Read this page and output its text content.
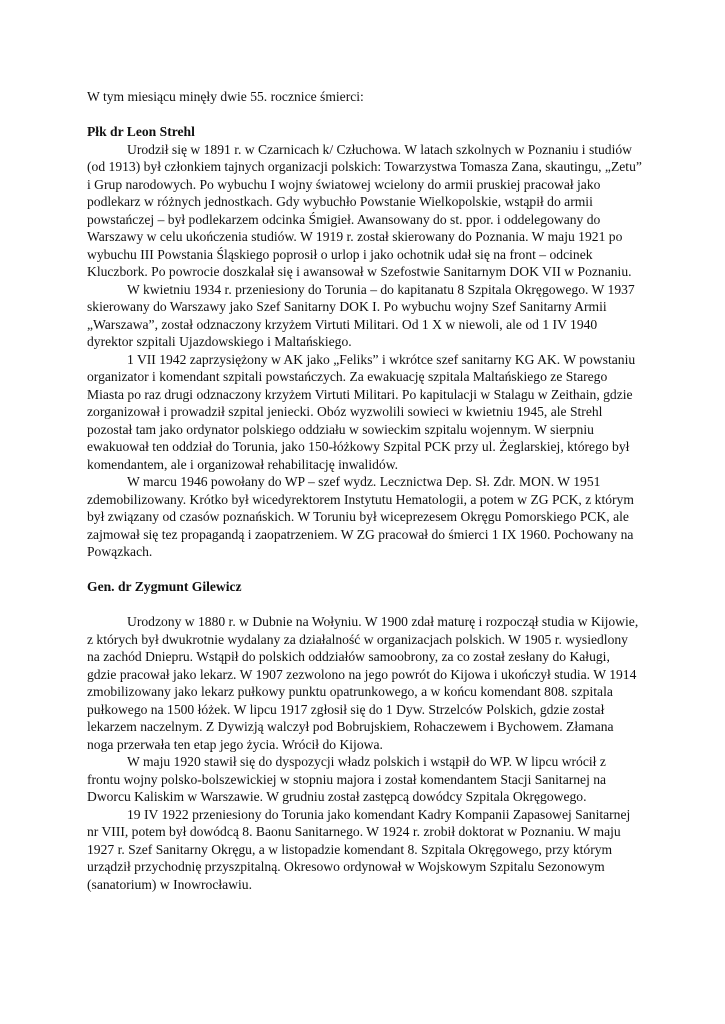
W tym miesiącu minęły dwie 55. rocznice śmierci:

Płk dr Leon Strehl

Urodził się w 1891 r. w Czarnicach k/ Człuchowa. W latach szkolnych w Poznaniu i studiów (od 1913) był członkiem tajnych organizacji polskich: Towarzystwa Tomasza Zana, skautingu, „Zetu” i Grup narodowych. Po wybuchu I wojny światowej wcielony do armii pruskiej pracował jako podlekarz w różnych jednostkach. Gdy wybuchło Powstanie Wielkopolskie, wstąpił do armii powstańczej – był podlekarzem odcinka Śmigieł. Awansowany do st. ppor. i oddelegowany do Warszawy w celu ukończenia studiów. W 1919 r. został skierowany do Poznania. W maju 1921 po wybuchu III Powstania Śląskiego poprosił o urlop i jako ochotnik udał się na front – odcinek Kluczbork. Po powrocie doszkalał się i awansował w Szefostwie Sanitarnym DOK VII w Poznaniu.

W kwietniu 1934 r. przeniesiony do Torunia – do kapitanatu 8 Szpitala Okręgowego. W 1937 skierowany do Warszawy jako Szef Sanitarny DOK I. Po wybuchu wojny Szef Sanitarny Armii „Warszawa”, został odznaczony krzyżem Virtuti Militari. Od 1 X w niewoli, ale od 1 IV 1940 dyrektor szpitali Ujazdowskiego i Maltańskiego.

1 VII 1942 zaprzysiężony w AK jako „Feliks” i wkrótce szef sanitarny KG AK. W powstaniu organizator i komendant szpitali powstańczych. Za ewakuację szpitala Maltańskiego ze Starego Miasta po raz drugi odznaczony krzyżem Virtuti Militari. Po kapitulacji w Stalagu w Zeithain, gdzie zorganizował i prowadził szpital jeniecki. Obóz wyzwolili sowieci w kwietniu 1945, ale Strehl pozostał tam jako ordynator polskiego oddziału w sowieckim szpitalu wojennym. W sierpniu ewakuował ten oddział do Torunia, jako 150-łóżkowy Szpital PCK przy ul. Żeglarskiej, którego był komendantem, ale i organizował rehabilitację inwalidów.

W marcu 1946 powołany do WP – szef wydz. Lecznictwa Dep. Sł. Zdr. MON. W 1951 zdemobilizowany. Krótko był wicedyrektorem Instytutu Hematologii, a potem w ZG PCK, z którym był związany od czasów poznańskich. W Toruniu był wiceprezesem Okręgu Pomorskiego PCK, ale zajmował się tez propagandą i zaopatrzeniem. W ZG pracował do śmierci 1 IX 1960. Pochowany na Powązkach.

Gen. dr Zygmunt Gilewicz

Urodzony w 1880 r. w Dubnie na Wołyniu. W 1900 zdał maturę i rozpoczął studia w Kijowie, z których był dwukrotnie wydalany za działalność w organizacjach polskich. W 1905 r. wysiedlony na zachód Dniepru. Wstąpił do polskich oddziałów samoobrony, za co został zesłany do Kaługi, gdzie pracował jako lekarz. W 1907 zezwolono na jego powrót do Kijowa i ukończył studia. W 1914 zmobilizowany jako lekarz pułkowy punktu opatrunkowego, a w końcu komendant 808. szpitala pułkowego na 1500 łóżek. W lipcu 1917 zgłosił się do 1 Dyw. Strzelców Polskich, gdzie został lekarzem naczelnym. Z Dywizją walczył pod Bobrujskiem, Rohaczewem i Bychowem. Złamana noga przerwała ten etap jego życia. Wrócił do Kijowa.

W maju 1920 stawił się do dyspozycji władz polskich i wstąpił do WP. W lipcu wrócił z frontu wojny polsko-bolszewickiej w stopniu majora i został komendantem Stacji Sanitarnej na Dworcu Kaliskim w Warszawie. W grudniu został zastępcą dowódcy Szpitala Okręgowego.

19 IV 1922 przeniesiony do Torunia jako komendant Kadry Kompanii Zapasowej Sanitarnej nr VIII, potem był dowódcą 8. Baonu Sanitarnego. W 1924 r. zrobił doktorat w Poznaniu. W maju 1927 r. Szef Sanitarny Okręgu, a w listopadzie komendant 8. Szpitala Okręgowego, przy którym urządził przychodnię przyszpitalną. Okresowo ordynował w Wojskowym Szpitalu Sezonowym (sanatorium) w Inowrocławiu.
